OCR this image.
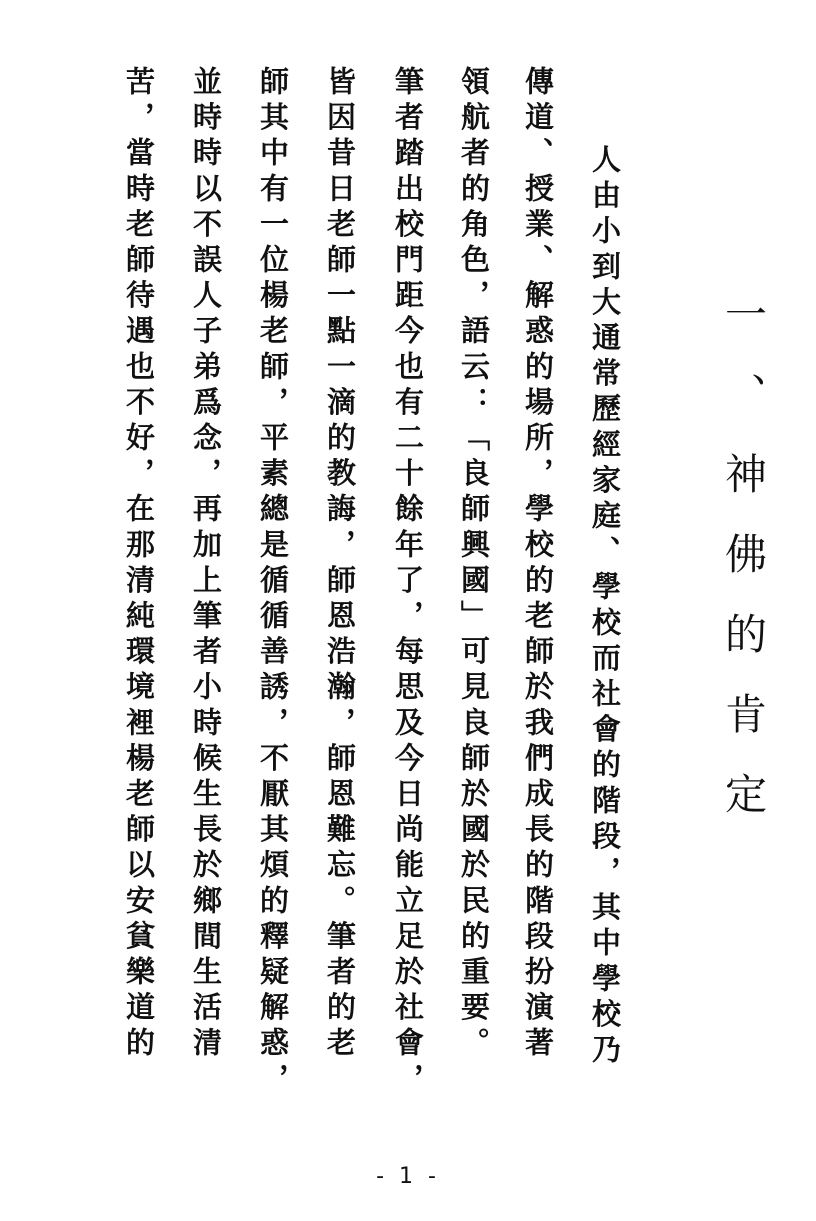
一、神佛的肯定
人由小到大通常歷經家庭、學校而社會的階段，其中學校乃
傳道、授業、解惑的場所，學校的老師於我們成長的階段扮演著
領航者的角色，語云：「良師興國」可見良師於國於民的重要。
筆者踏出校門距今也有二十餘年了，每思及今日尚能立足於社會，
皆因昔日老師一點一滴的教誨，師恩浩瀚，師恩難忘。筆者的老
師其中有一位楊老師，平素總是循循善誘，不厭其煩的釋疑解惑，
並時時以不誤人子弟爲念，再加上筆者小時候生長於鄉間生活清
苦，當時老師待遇也不好，在那清純環境裡楊老師以安貧樂道的
- 1 -
